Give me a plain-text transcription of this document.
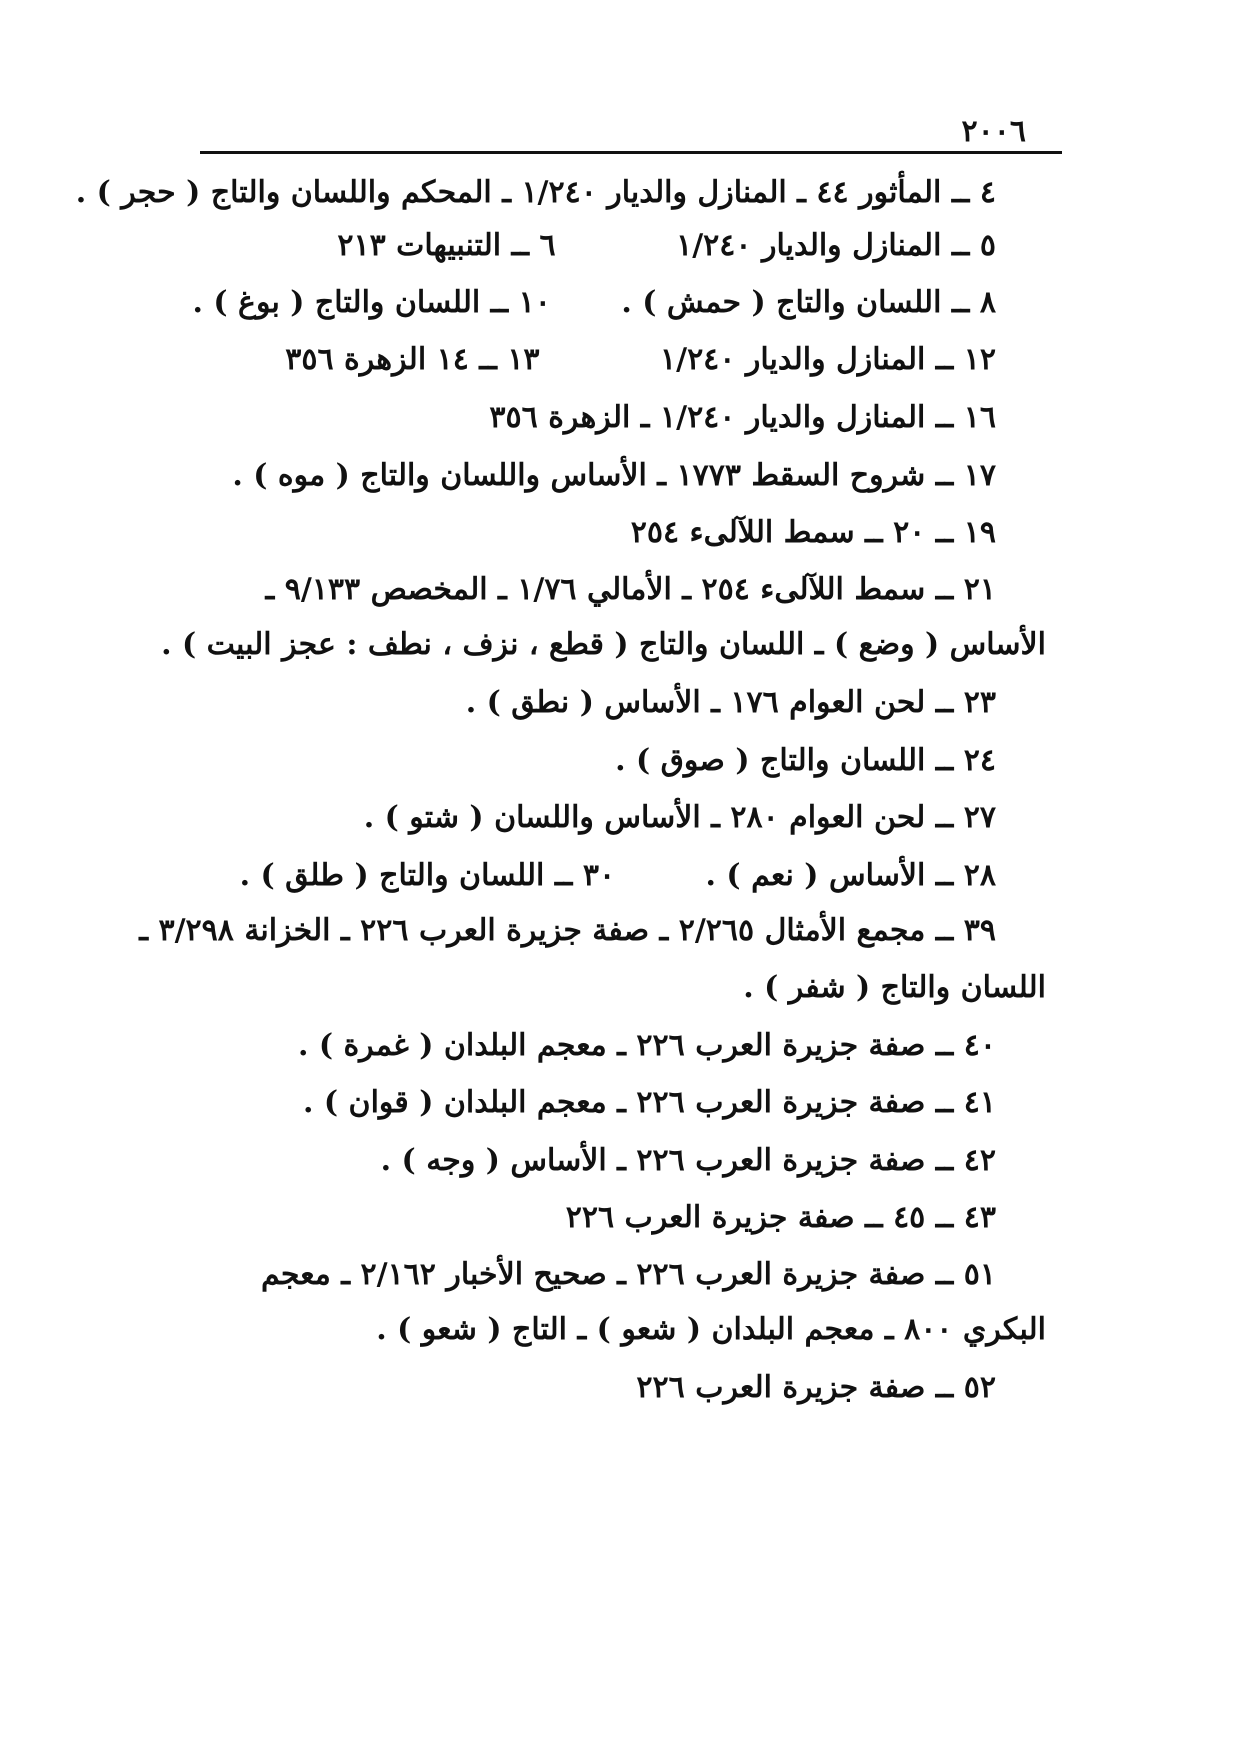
٢٠٠٦
٤ ــ المأثور ٤٤ ـ المنازل والديار ١/٢٤٠ ـ المحكم واللسان والتاج ( حجر ) .
٥ ــ المنازل والديار ١/٢٤٠ ٦ ــ التنبيهات ٢١٣
٨ ــ اللسان والتاج ( حمش ) . ١٠ ــ اللسان والتاج ( بوغ ) .
١٢ ــ المنازل والديار ١/٢٤٠ ١٣ ــ ١٤ الزهرة ٣٥٦
١٦ ــ المنازل والديار ١/٢٤٠ ـ الزهرة ٣٥٦
١٧ ــ شروح السقط ١٧٧٣ ـ الأساس واللسان والتاج ( موه ) .
١٩ ــ ٢٠ ــ سمط اللآلىء ٢٥٤
٢١ ــ سمط اللآلىء ٢٥٤ ـ الأمالي ١/٧٦ ـ المخصص ٩/١٣٣ ـ
الأساس ( وضع ) ـ اللسان والتاج ( قطع ، نزف ، نطف : عجز البيت ) .
٢٣ ــ لحن العوام ١٧٦ ـ الأساس ( نطق ) .
٢٤ ــ اللسان والتاج ( صوق ) .
٢٧ ــ لحن العوام ٢٨٠ ـ الأساس واللسان ( شتو ) .
٢٨ ــ الأساس ( نعم ) . ٣٠ ــ اللسان والتاج ( طلق ) .
٣٩ ــ مجمع الأمثال ٢/٢٦٥ ـ صفة جزيرة العرب ٢٢٦ ـ الخزانة ٣/٢٩٨ ـ
اللسان والتاج ( شفر ) .
٤٠ ــ صفة جزيرة العرب ٢٢٦ ـ معجم البلدان ( غمرة ) .
٤١ ــ صفة جزيرة العرب ٢٢٦ ـ معجم البلدان ( قوان ) .
٤٢ ــ صفة جزيرة العرب ٢٢٦ ـ الأساس ( وجه ) .
٤٣ ــ ٤٥ ــ صفة جزيرة العرب ٢٢٦
٥١ ــ صفة جزيرة العرب ٢٢٦ ـ صحيح الأخبار ٢/١٦٢ ـ معجم
البكري ٨٠٠ ـ معجم البلدان ( شعو ) ـ التاج ( شعو ) .
٥٢ ــ صفة جزيرة العرب ٢٢٦
